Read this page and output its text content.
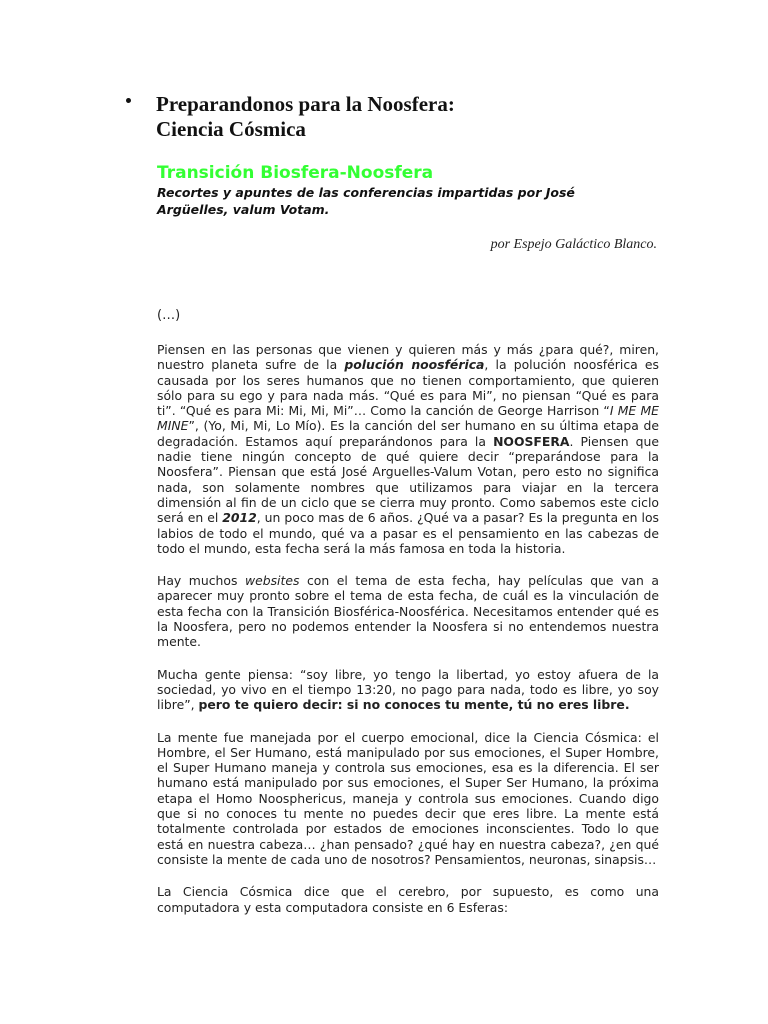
Preparandonos para la Noosfera:
Ciencia Cósmica
Transición Biosfera-Noosfera

Recortes y apuntes de las conferencias impartidas por José Argüelles, valum Votam.

por Espejo Galáctico Blanco.

(…)

Piensen en las personas que vienen y quieren más y más ¿para qué?, miren, nuestro planeta sufre de la polución noosférica, la polución noosférica es causada por los seres humanos que no tienen comportamiento, que quieren sólo para su ego y para nada más. “Qué es para Mi”, no piensan “Qué es para ti”. “Qué es para Mi: Mi, Mi, Mi”… Como la canción de George Harrison “I ME ME MINE”, (Yo, Mi, Mi, Lo Mío). Es la canción del ser humano en su última etapa de degradación. Estamos aquí preparándonos para la NOOSFERA. Piensen que nadie tiene ningún concepto de qué quiere decir “preparándose para la Noosfera”. Piensan que está José Arguelles-Valum Votan, pero esto no significa nada, son solamente nombres que utilizamos para viajar en la tercera dimensión al fin de un ciclo que se cierra muy pronto. Como sabemos este ciclo será en el 2012, un poco mas de 6 años. ¿Qué va a pasar? Es la pregunta en los labios de todo el mundo, qué va a pasar es el pensamiento en las cabezas de todo el mundo, esta fecha será la más famosa en toda la historia.

Hay muchos websites con el tema de esta fecha, hay películas que van a aparecer muy pronto sobre el tema de esta fecha, de cuál es la vinculación de esta fecha con la Transición Biosférica-Noosférica. Necesitamos entender qué es la Noosfera, pero no podemos entender la Noosfera si no entendemos nuestra mente.

Mucha gente piensa: “soy libre, yo tengo la libertad, yo estoy afuera de la sociedad, yo vivo en el tiempo 13:20, no pago para nada, todo es libre, yo soy libre”, pero te quiero decir: si no conoces tu mente, tú no eres libre.

La mente fue manejada por el cuerpo emocional, dice la Ciencia Cósmica: el Hombre, el Ser Humano, está manipulado por sus emociones, el Super Hombre, el Super Humano maneja y controla sus emociones, esa es la diferencia. El ser humano está manipulado por sus emociones, el Super Ser Humano, la próxima etapa el Homo Noosphericus, maneja y controla sus emociones. Cuando digo que si no conoces tu mente no puedes decir que eres libre. La mente está totalmente controlada por estados de emociones inconscientes. Todo lo que está en nuestra cabeza… ¿han pensado? ¿qué hay en nuestra cabeza?, ¿en qué consiste la mente de cada uno de nosotros? Pensamientos, neuronas, sinapsis…

La Ciencia Cósmica dice que el cerebro, por supuesto, es como una computadora y esta computadora consiste en 6 Esferas:
